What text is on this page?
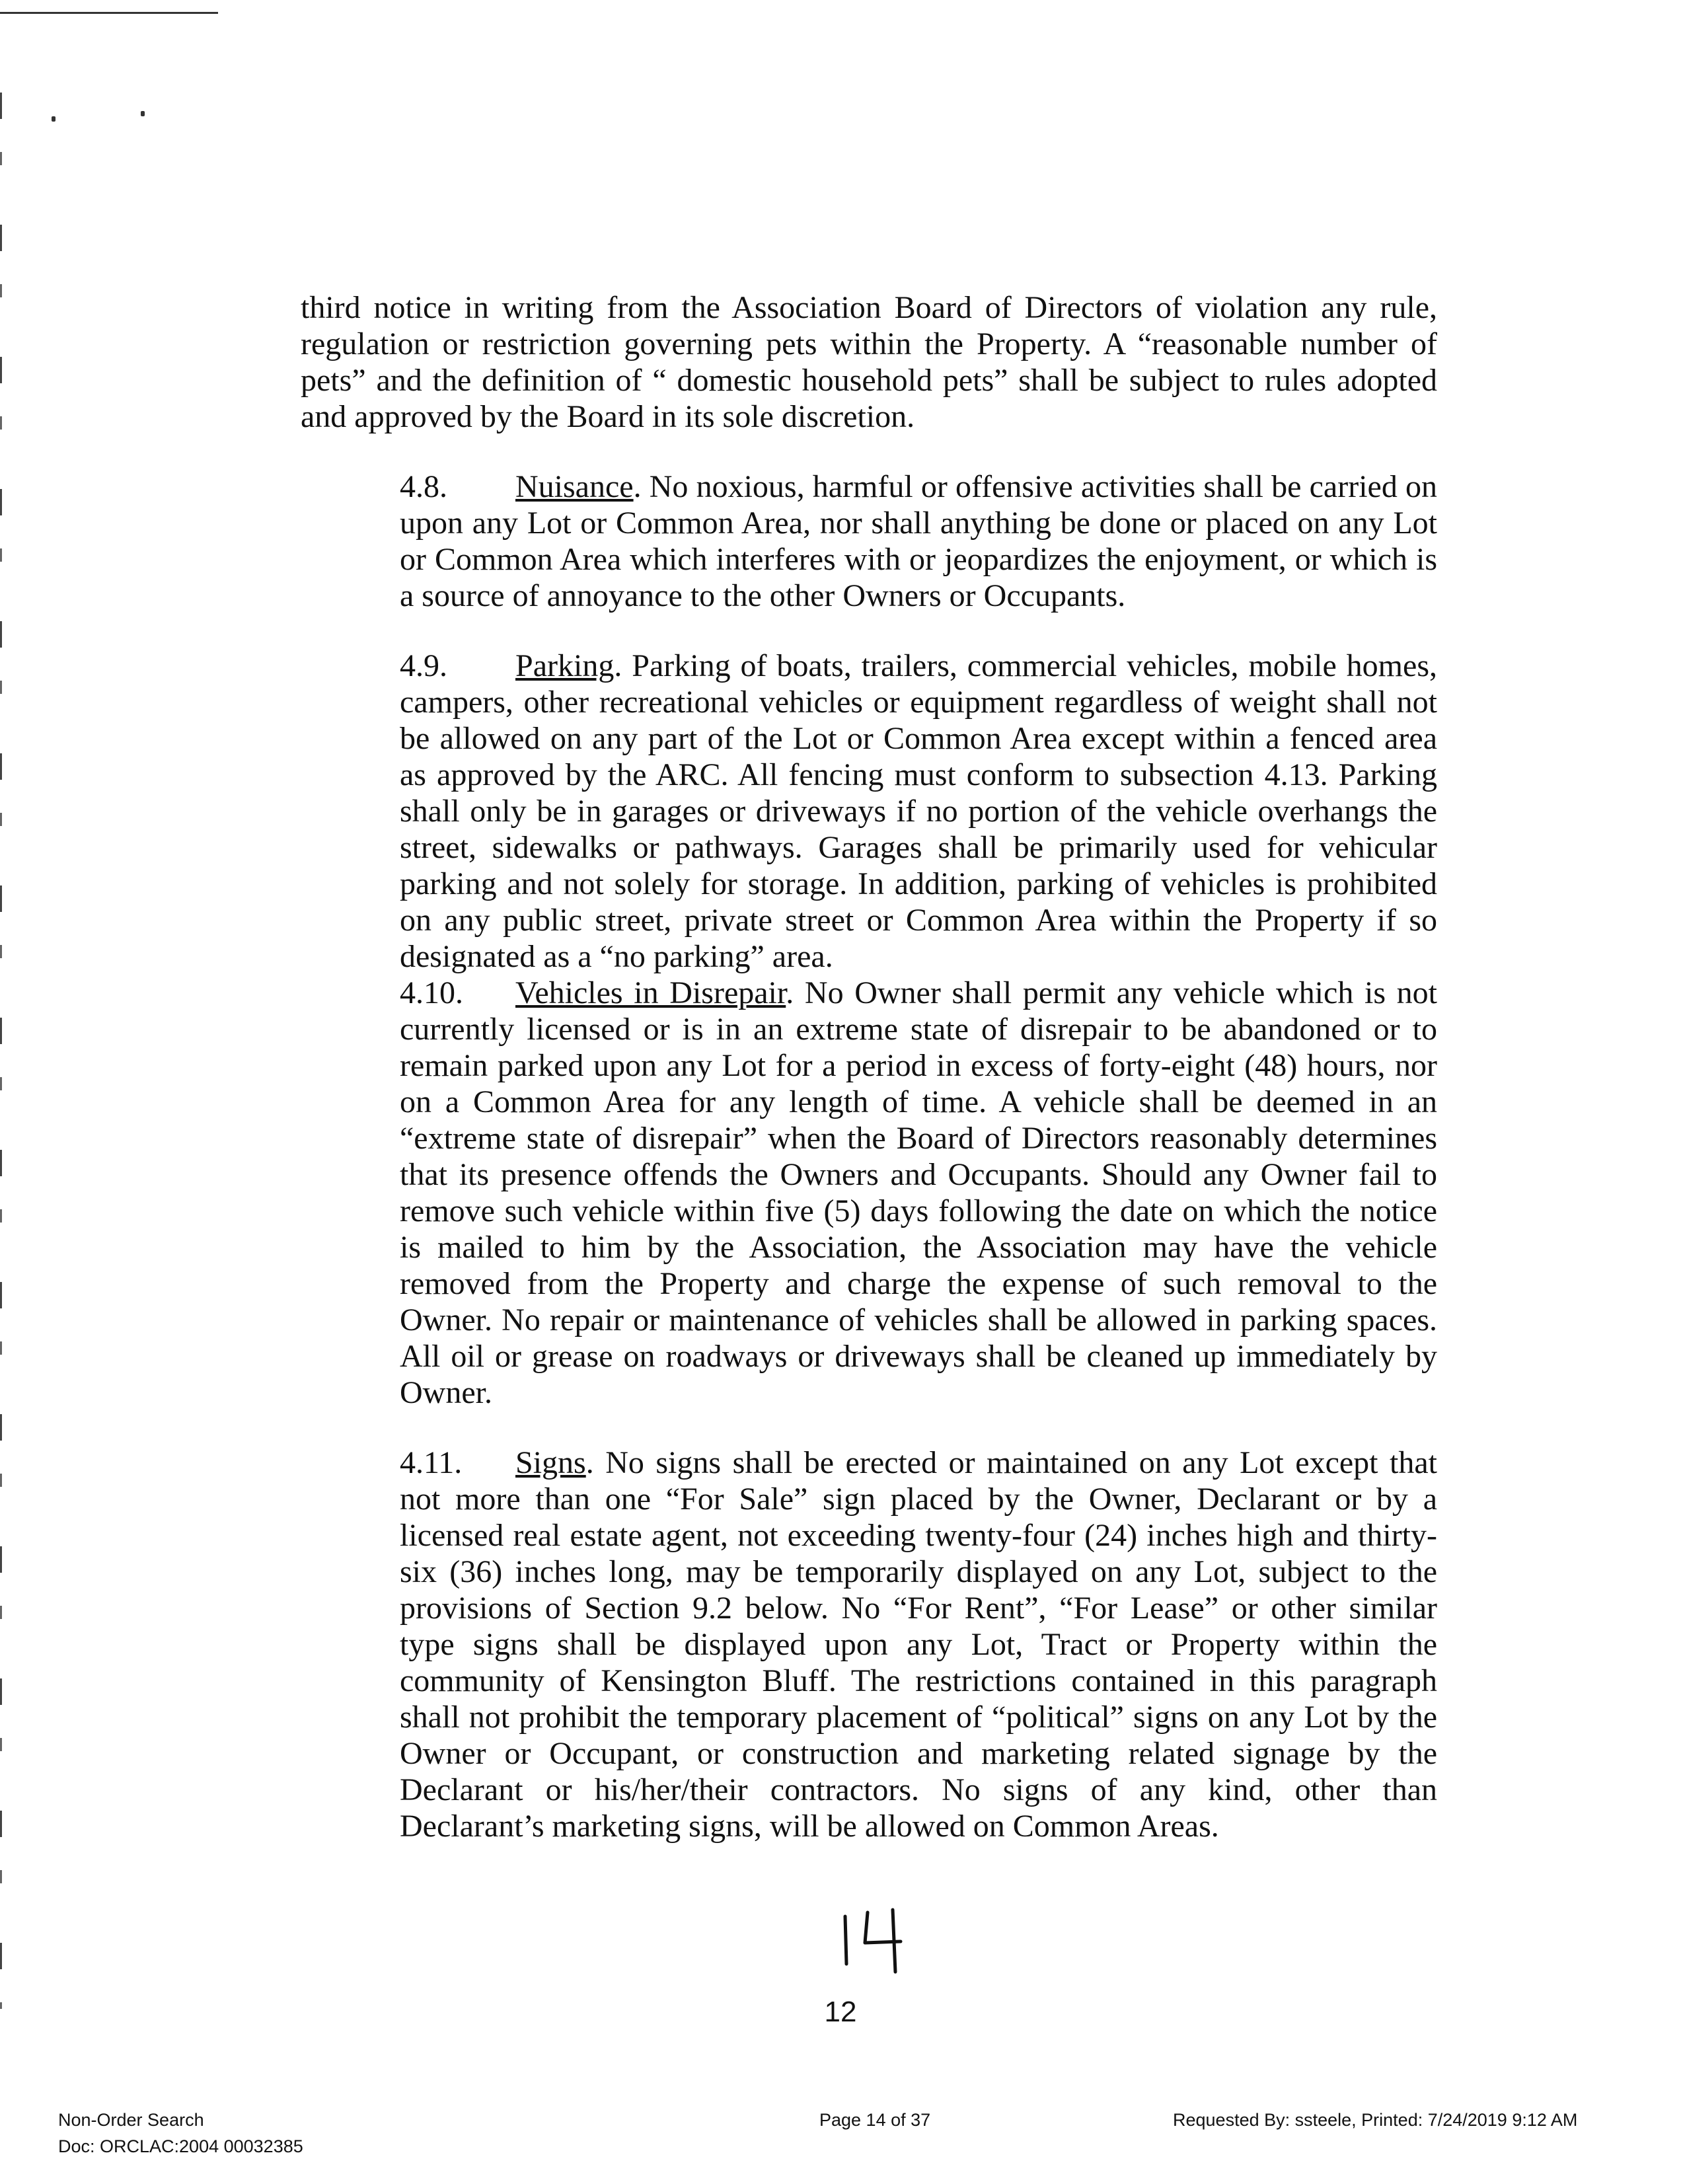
third notice in writing from the Association Board of Directors of violation any rule, regulation or restriction governing pets within the Property. A “reasonable number of pets” and the definition of “ domestic household pets” shall be subject to rules adopted and approved by the Board in its sole discretion.

4.8. Nuisance. No noxious, harmful or offensive activities shall be carried on upon any Lot or Common Area, nor shall anything be done or placed on any Lot or Common Area which interferes with or jeopardizes the enjoyment, or which is a source of annoyance to the other Owners or Occupants.

4.9. Parking. Parking of boats, trailers, commercial vehicles, mobile homes, campers, other recreational vehicles or equipment regardless of weight shall not be allowed on any part of the Lot or Common Area except within a fenced area as approved by the ARC. All fencing must conform to subsection 4.13. Parking shall only be in garages or driveways if no portion of the vehicle overhangs the street, sidewalks or pathways. Garages shall be primarily used for vehicular parking and not solely for storage. In addition, parking of vehicles is prohibited on any public street, private street or Common Area within the Property if so designated as a “no parking” area.

4.10. Vehicles in Disrepair. No Owner shall permit any vehicle which is not currently licensed or is in an extreme state of disrepair to be abandoned or to remain parked upon any Lot for a period in excess of forty-eight (48) hours, nor on a Common Area for any length of time. A vehicle shall be deemed in an “extreme state of disrepair” when the Board of Directors reasonably determines that its presence offends the Owners and Occupants. Should any Owner fail to remove such vehicle within five (5) days following the date on which the notice is mailed to him by the Association, the Association may have the vehicle removed from the Property and charge the expense of such removal to the Owner. No repair or maintenance of vehicles shall be allowed in parking spaces. All oil or grease on roadways or driveways shall be cleaned up immediately by Owner.

4.11. Signs. No signs shall be erected or maintained on any Lot except that not more than one “For Sale” sign placed by the Owner, Declarant or by a licensed real estate agent, not exceeding twenty-four (24) inches high and thirty-six (36) inches long, may be temporarily displayed on any Lot, subject to the provisions of Section 9.2 below. No “For Rent”, “For Lease” or other similar type signs shall be displayed upon any Lot, Tract or Property within the community of Kensington Bluff. The restrictions contained in this paragraph shall not prohibit the temporary placement of “political” signs on any Lot by the Owner or Occupant, or construction and marketing related signage by the Declarant or his/her/their contractors. No signs of any kind, other than Declarant’s marketing signs, will be allowed on Common Areas.

12
Non-Order Search
Doc: ORCLAC:2004 00032385
Page 14 of 37	Requested By: ssteele, Printed: 7/24/2019 9:12 AM
